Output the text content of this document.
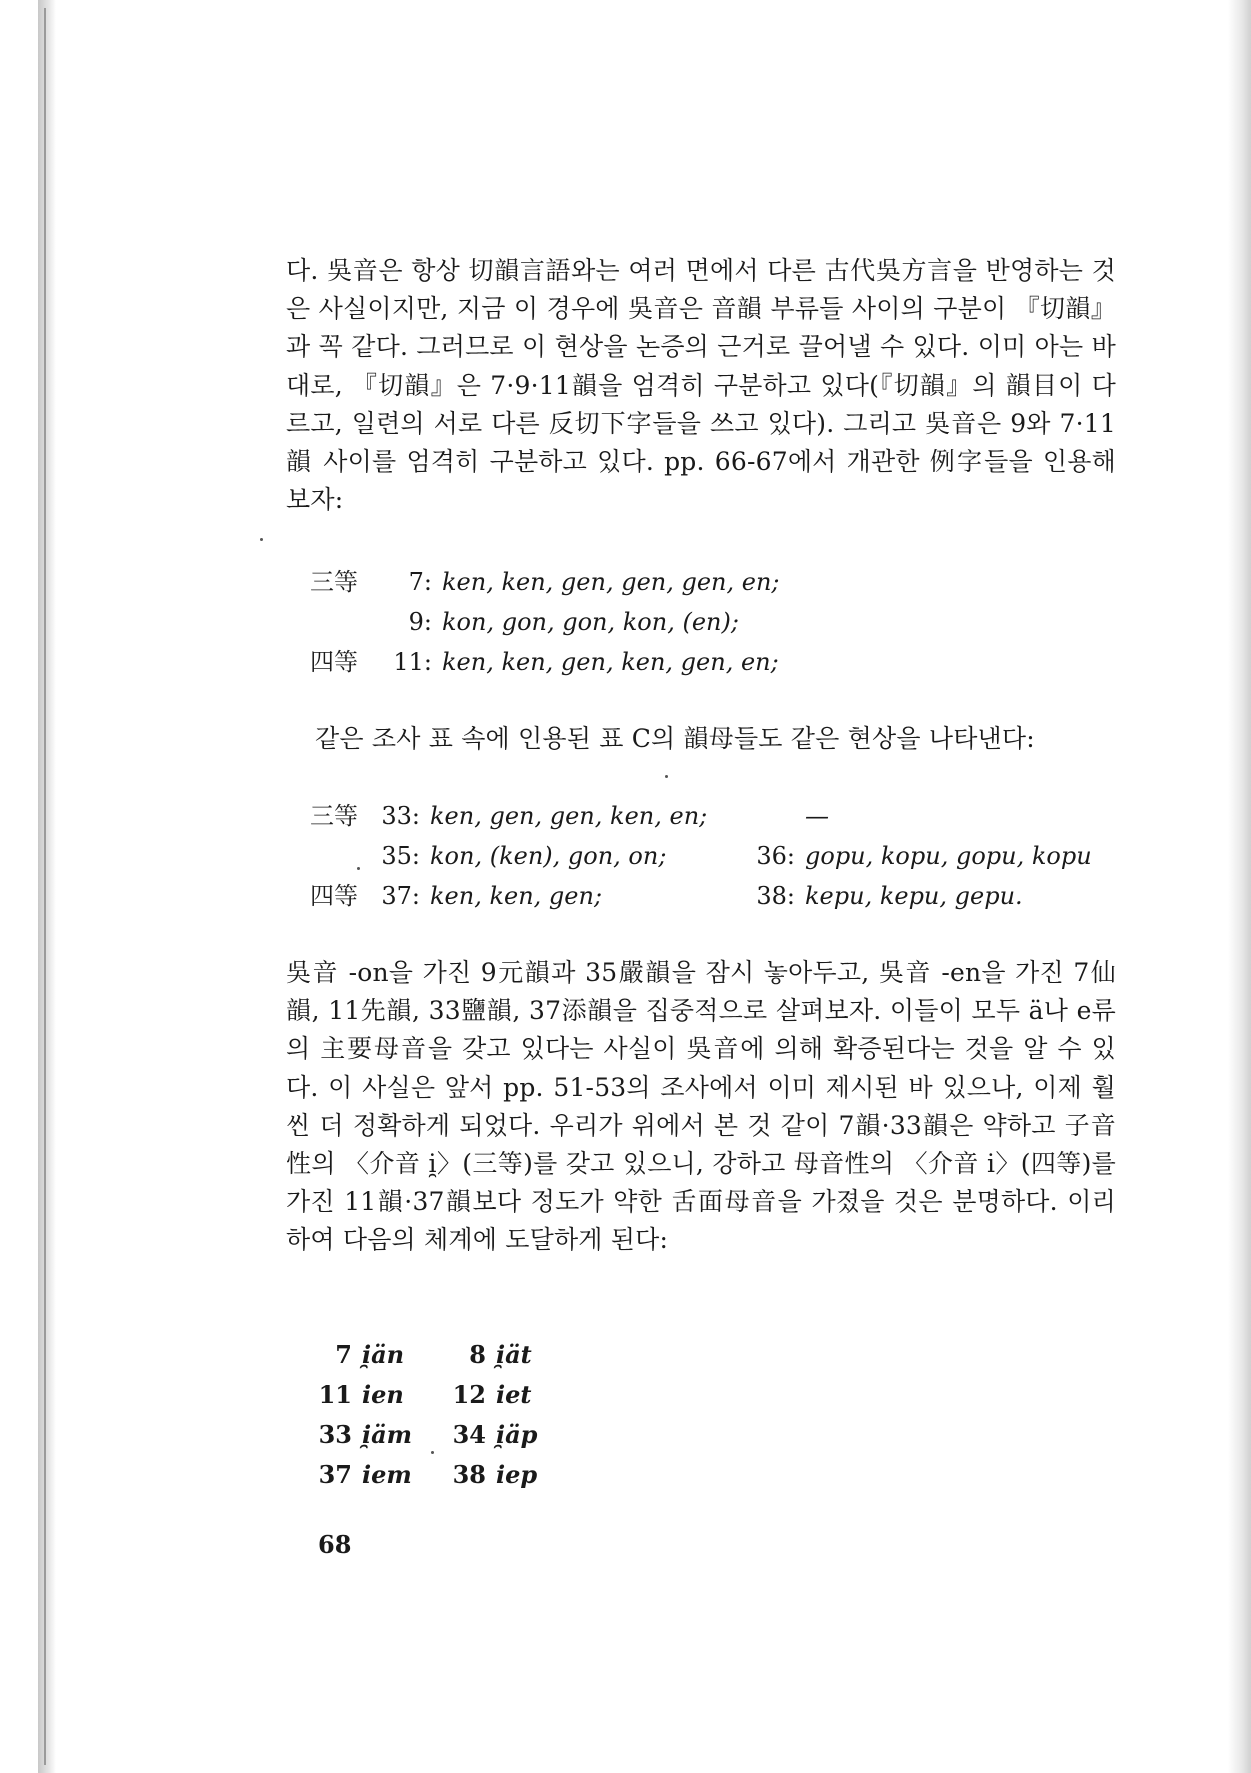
다. 吳音은 항상 切韻言語와는 여러 면에서 다른 古代吳方言을 반영하는 것은 사실이지만, 지금 이 경우에 吳音은 音韻 부류들 사이의 구분이 『切韻』과 꼭 같다. 그러므로 이 현상을 논증의 근거로 끌어낼 수 있다. 이미 아는 바대로, 『切韻』은 7·9·11韻을 엄격히 구분하고 있다(『切韻』의 韻目이 다르고, 일련의 서로 다른 反切下字들을 쓰고 있다). 그리고 吳音은 9와 7·11韻 사이를 엄격히 구분하고 있다. pp. 66-67에서 개관한 例字들을 인용해 보자:

三等 7: ken, ken, gen, gen, gen, en;
9: kon, gon, gon, kon, (en);
四等 11: ken, ken, gen, ken, gen, en;

같은 조사 표 속에 인용된 표 C의 韻母들도 같은 현상을 나타낸다:

三等 33: ken, gen, gen, ken, en;	—
35: kon, (ken), gon, on;	36: gopu, kopu, gopu, kopu
四等 37: ken, ken, gen;	38: kepu, kepu, gepu.

吳音 -on을 가진 9元韻과 35嚴韻을 잠시 놓아두고, 吳音 -en을 가진 7仙韻, 11先韻, 33鹽韻, 37添韻을 집중적으로 살펴보자. 이들이 모두 ä나 e류의 主要母音을 갖고 있다는 사실이 吳音에 의해 확증된다는 것을 알 수 있다. 이 사실은 앞서 pp. 51-53의 조사에서 이미 제시된 바 있으나, 이제 훨씬 더 정확하게 되었다. 우리가 위에서 본 것 같이 7韻·33韻은 약하고 子音性의 〈介音 i̯〉(三等)를 갖고 있으니, 강하고 母音性의 〈介音 i〉(四等)를 가진 11韻·37韻보다 정도가 약한 舌面母音을 가졌을 것은 분명하다. 이리하여 다음의 체계에 도달하게 된다:

7 i̯än	8 i̯ät
11 ien 12 iet
33 i̯äm 34 i̯äp
37 iem 38 iep
68
